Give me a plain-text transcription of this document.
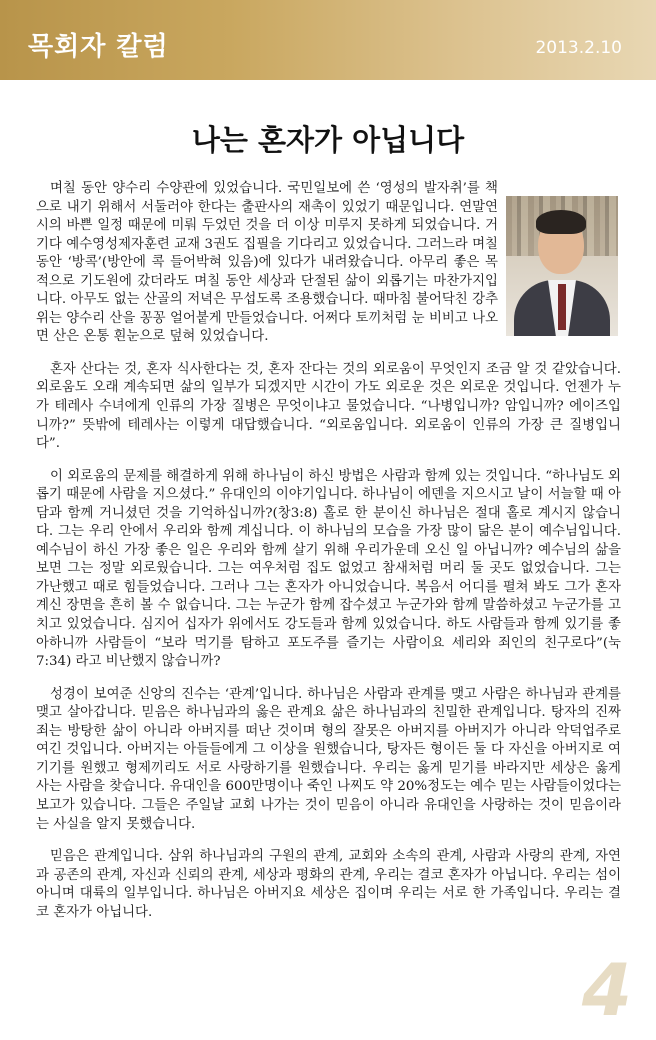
목회자 칼럼	2013.2.10
나는 혼자가 아닙니다

며칠 동안 양수리 수양관에 있었습니다. 국민일보에 쓴 ‘영성의 발자취’를 책으로 내기 위해서 서둘러야 한다는 출판사의 재촉이 있었기 때문입니다. 연말연시의 바쁜 일정 때문에 미뤄 두었던 것을 더 이상 미루지 못하게 되었습니다. 거기다 예수영성제자훈련 교재 3권도 집필을 기다리고 있었습니다. 그러느라 며칠 동안 ‘방콕’(방안에 콕 들어박혀 있음)에 있다가 내려왔습니다. 아무리 좋은 목적으로 기도원에 갔더라도 며칠 동안 세상과 단절된 삶이 외롭기는 마찬가지입니다. 아무도 없는 산골의 저녁은 무섭도록 조용했습니다. 때마침 불어닥친 강추위는 양수리 산을 꽁꽁 얼어붙게 만들었습니다. 어쩌다 토끼처럼 눈 비비고 나오면 산은 온통 흰눈으로 덮혀 있었습니다.

혼자 산다는 것, 혼자 식사한다는 것, 혼자 잔다는 것의 외로움이 무엇인지 조금 알 것 같았습니다. 외로움도 오래 계속되면 삶의 일부가 되겠지만 시간이 가도 외로운 것은 외로운 것입니다. 언젠가 누가 테레사 수녀에게 인류의 가장 질병은 무엇이냐고 물었습니다. “나병입니까? 암입니까? 에이즈입니까?” 뜻밖에 테레사는 이렇게 대답했습니다. “외로움입니다. 외로움이 인류의 가장 큰 질병입니다”.

이 외로움의 문제를 해결하게 위해 하나님이 하신 방법은 사람과 함께 있는 것입니다. “하나님도 외롭기 때문에 사람을 지으셨다.” 유대인의 이야기입니다. 하나님이 에덴을 지으시고 날이 서늘할 때 아담과 함께 거니셨던 것을 기억하십니까?(창3:8) 홀로 한 분이신 하나님은 절대 홀로 계시지 않습니다. 그는 우리 안에서 우리와 함께 계십니다. 이 하나님의 모습을 가장 많이 닮은 분이 예수님입니다. 예수님이 하신 가장 좋은 일은 우리와 함께 살기 위해 우리가운데 오신 일 아닙니까? 예수님의 삶을 보면 그는 정말 외로웠습니다. 그는 여우처럼 집도 없었고 참새처럼 머리 둘 곳도 없었습니다. 그는 가난했고 때로 힘들었습니다. 그러나 그는 혼자가 아니었습니다. 복음서 어디를 펼쳐 봐도 그가 혼자 계신 장면을 흔히 볼 수 없습니다. 그는 누군가 함께 잡수셨고 누군가와 함께 말씀하셨고 누군가를 고치고 있었습니다. 심지어 십자가 위에서도 강도들과 함께 있었습니다. 하도 사람들과 함께 있기를 좋아하니까 사람들이 “보라 먹기를 탐하고 포도주를 즐기는 사람이요 세리와 죄인의 친구로다”(눅7:34) 라고 비난했지 않습니까?

성경이 보여준 신앙의 진수는 ‘관계’입니다. 하나님은 사람과 관계를 맺고 사람은 하나님과 관계를 맺고 살아갑니다. 믿음은 하나님과의 옳은 관계요 삶은 하나님과의 친밀한 관계입니다. 탕자의 진짜 죄는 방탕한 삶이 아니라 아버지를 떠난 것이며 형의 잘못은 아버지를 아버지가 아니라 악덕업주로 여긴 것입니다. 아버지는 아들들에게 그 이상을 원했습니다, 탕자든 형이든 둘 다 자신을 아버지로 여기기를 원했고 형제끼리도 서로 사랑하기를 원했습니다. 우리는 옳게 믿기를 바라지만 세상은 옳게 사는 사람을 찾습니다. 유대인을 600만명이나 죽인 나찌도 약 20%정도는 예수 믿는 사람들이었다는 보고가 있습니다. 그들은 주일날 교회 나가는 것이 믿음이 아니라 유대인을 사랑하는 것이 믿음이라는 사실을 알지 못했습니다.

믿음은 관계입니다. 삼위 하나님과의 구원의 관계, 교회와 소속의 관계, 사람과 사랑의 관계, 자연과 공존의 관계, 자신과 신뢰의 관계, 세상과 평화의 관계, 우리는 결코 혼자가 아닙니다. 우리는 섬이 아니며 대륙의 일부입니다. 하나님은 아버지요 세상은 집이며 우리는 서로 한 가족입니다. 우리는 결코 혼자가 아닙니다.

4
